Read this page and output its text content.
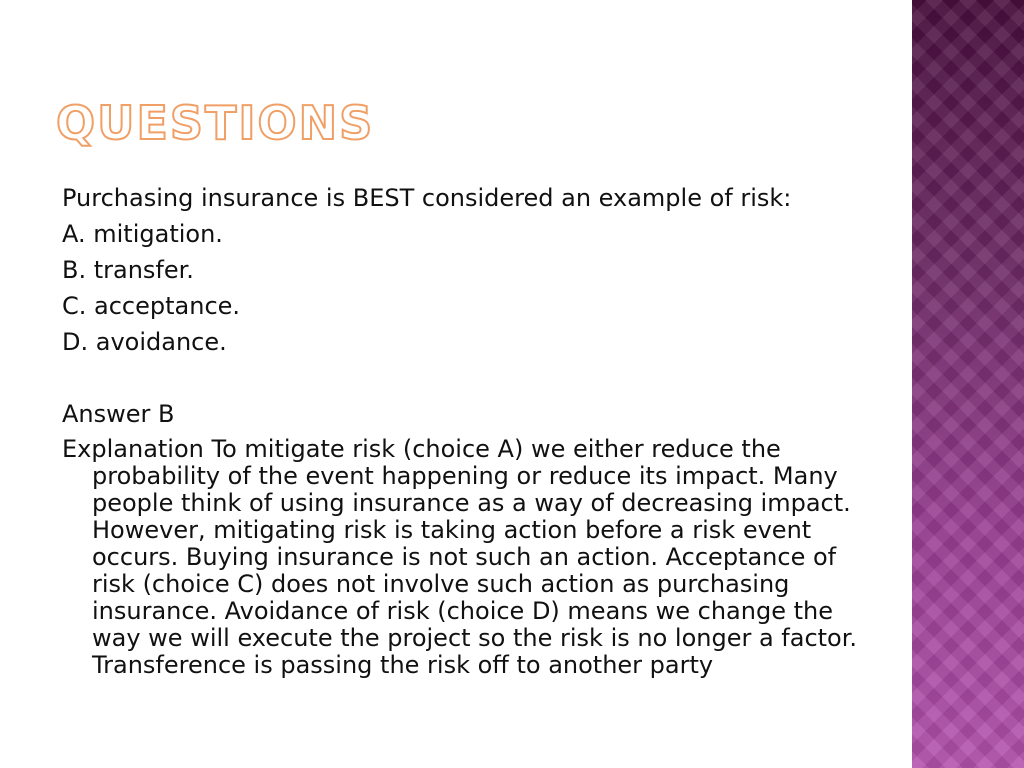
QUESTIONS

Purchasing insurance is BEST considered an example of risk:

A. mitigation.

B. transfer.

C. acceptance.

D. avoidance.

Answer B

Explanation To mitigate risk (choice A) we either reduce the probability of the event happening or reduce its impact. Many people think of using insurance as a way of decreasing impact. However, mitigating risk is taking action before a risk event occurs. Buying insurance is not such an action. Acceptance of risk (choice C) does not involve such action as purchasing insurance. Avoidance of risk (choice D) means we change the way we will execute the project so the risk is no longer a factor. Transference is passing the risk off to another party
